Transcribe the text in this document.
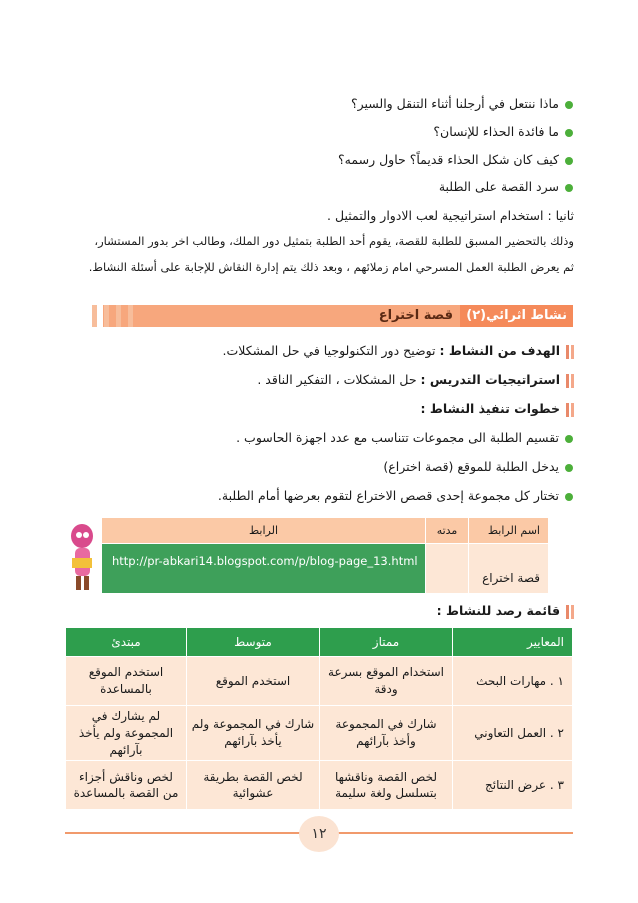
ماذا ننتعل في أرجلنا أثناء التنقل والسير؟
ما فائدة الحذاء للإنسان؟
كيف كان شكل الحذاء قديماً؟ حاول رسمه؟
سرد القصة على الطلبة
ثانيا : استخدام استراتيجية لعب الادوار والتمثيل .
وذلك بالتحضير المسبق للطلبة للقصة، يقوم أحد الطلبة بتمثيل دور الملك، وطالب اخر بدور المستشار،
ثم يعرض الطلبة العمل المسرحي امام زملائهم ، وبعد ذلك يتم إدارة النقاش للإجابة على أسئلة النشاط.
نشاط اثرائي(٢)
قصة اختراع
الهدف من النشاط : توضيح دور التكنولوجيا في حل المشكلات.
استراتيجيات التدريس : حل المشكلات ، التفكير الناقد .
خطوات تنفيذ النشاط :
تقسيم الطلبة الى مجموعات تتناسب مع عدد اجهزة الحاسوب .
يدخل الطلبة للموقع (قصة اختراع)
تختار كل مجموعة إحدى قصص الاختراع لتقوم بعرضها أمام الطلبة.
اسم الرابط	مدته	الرابط
قصة اختراع		http://pr-abkari14.blogspot.com/p/blog-page_13.html
قائمة رصد للنشاط :
المعايير	ممتاز	متوسط	مبتدئ
١ . مهارات البحث	استخدام الموقع بسرعة ودقة	استخدم الموقع	استخدم الموقع بالمساعدة
٢ . العمل التعاوني	شارك في المجموعة وأخذ بآرائهم	شارك في المجموعة ولم يأخذ بآرائهم	لم يشارك في المجموعة ولم يأخذ بآرائهم
٣ . عرض النتائج	لخص القصة وناقشها بتسلسل ولغة سليمة	لخص القصة بطريقة عشوائية	لخص وناقش أجزاء من القصة بالمساعدة
١٢
